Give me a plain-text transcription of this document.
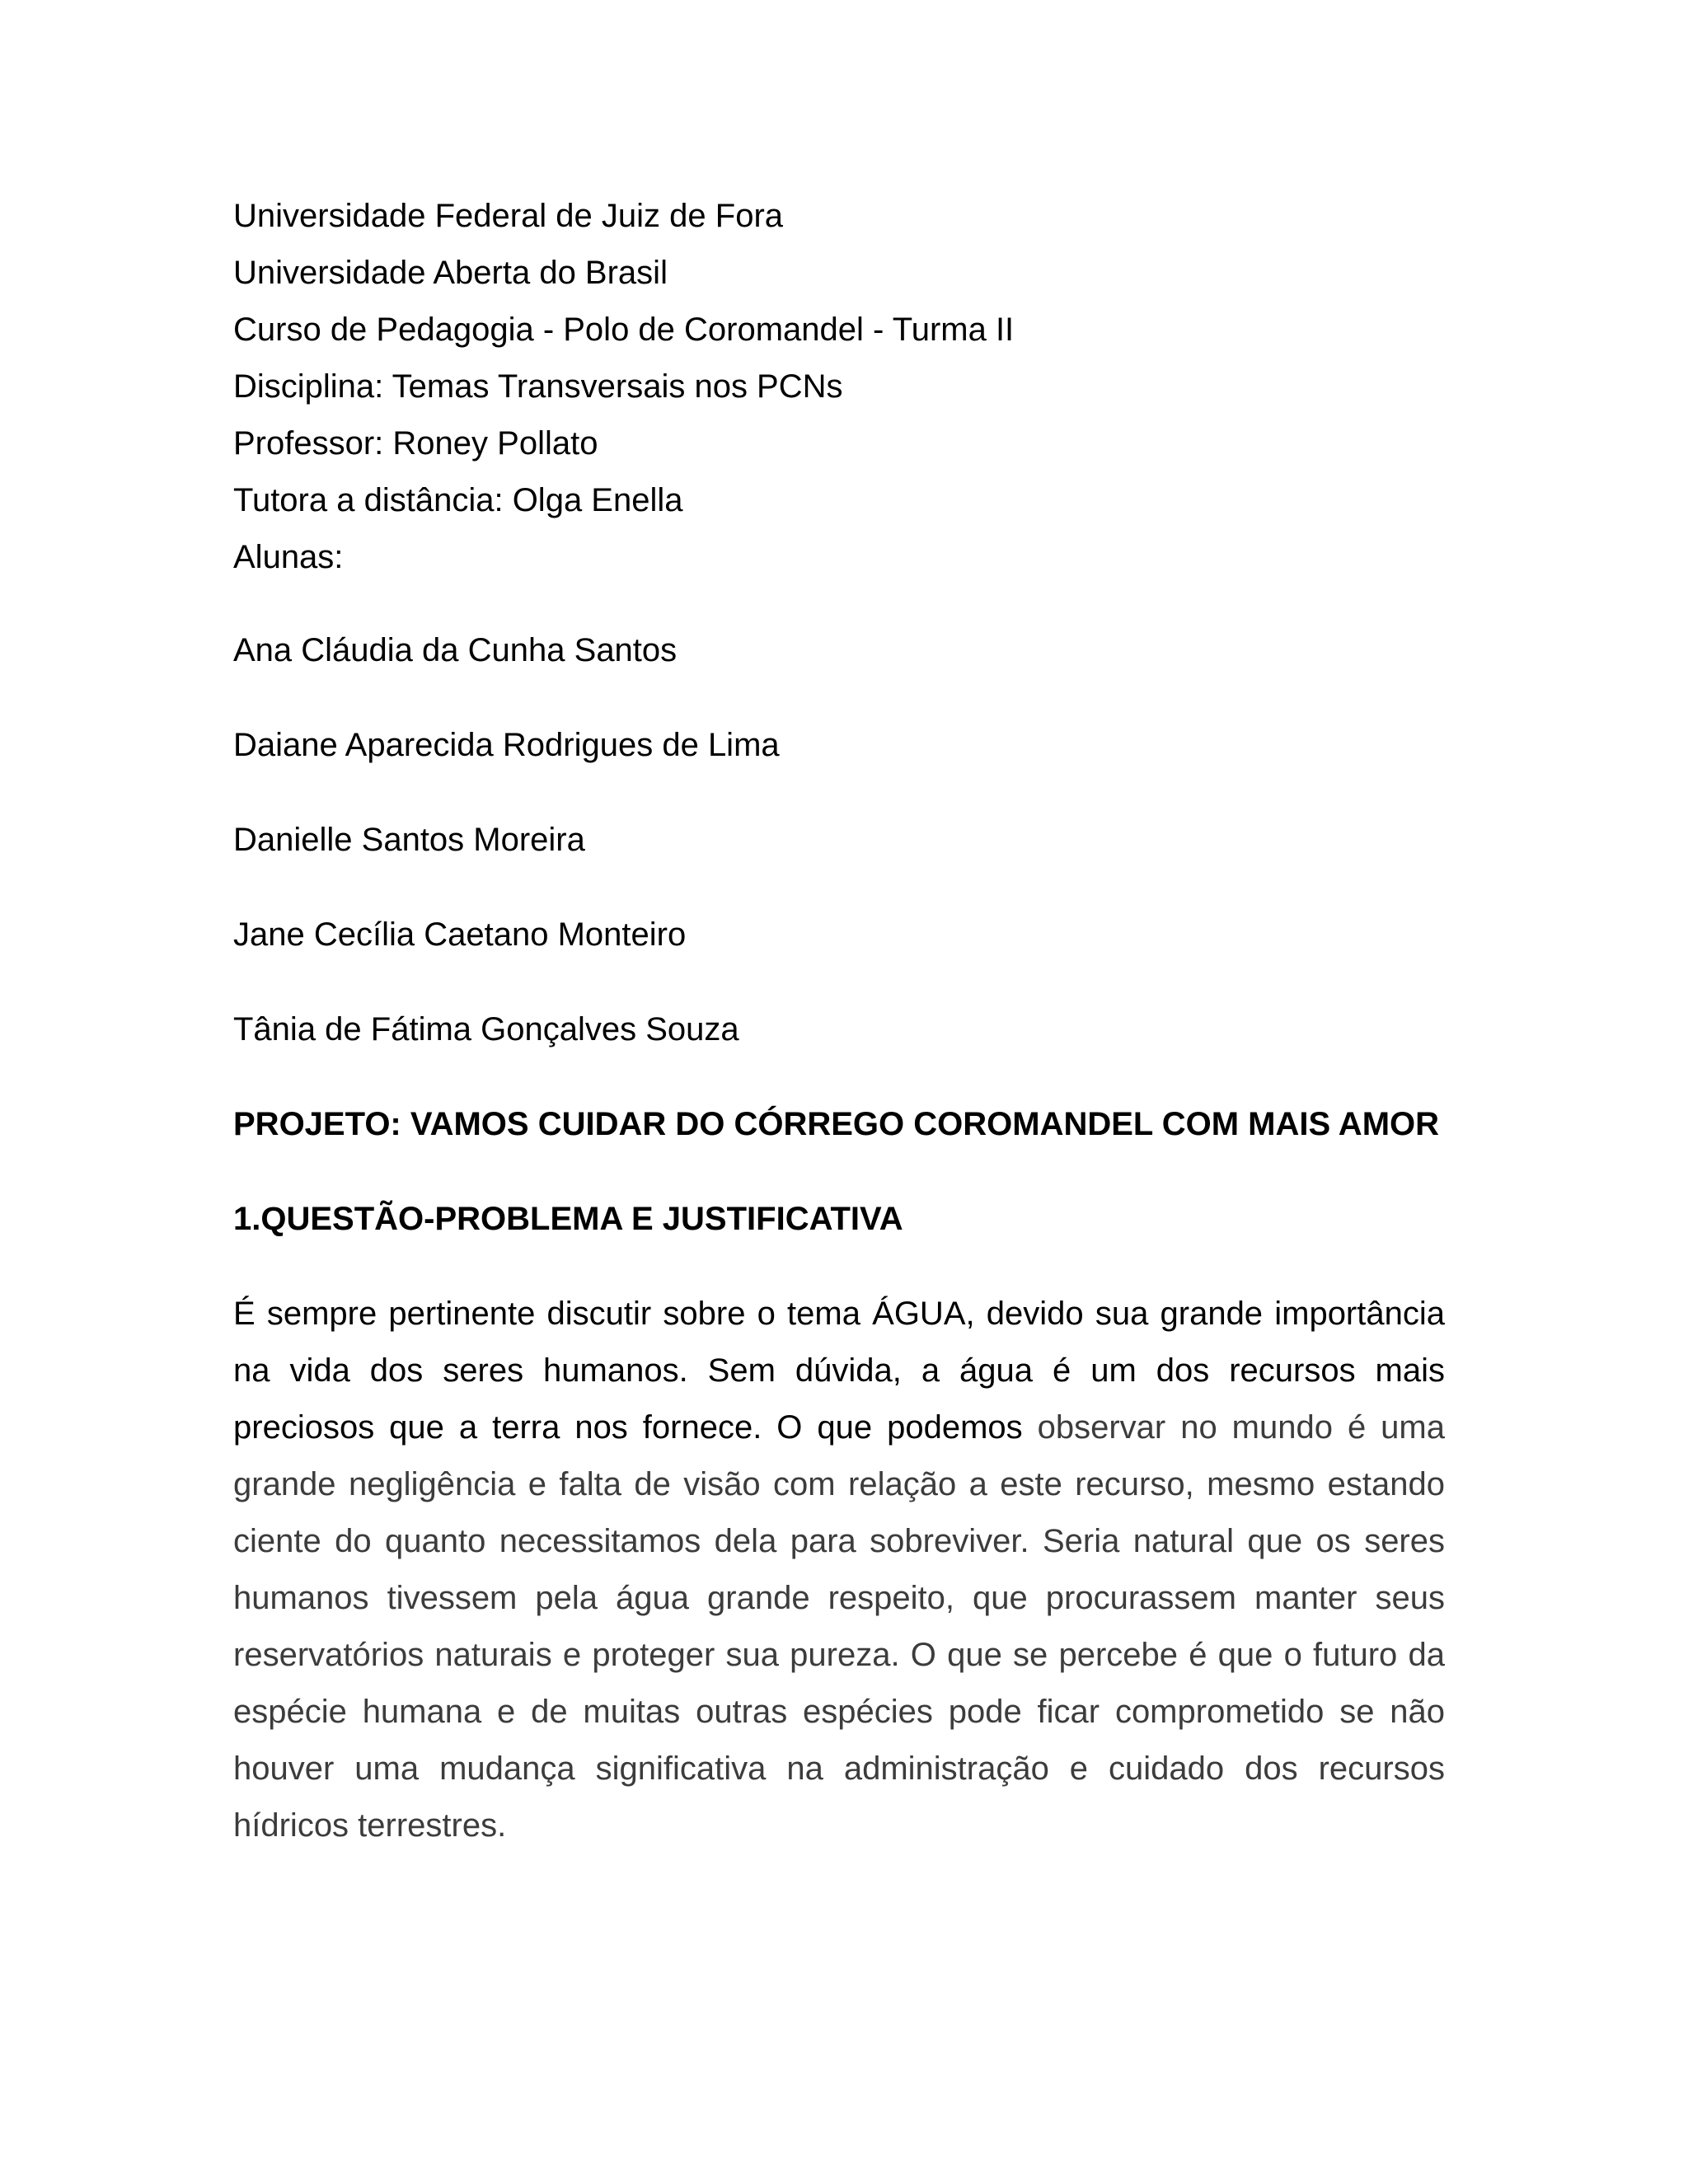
Universidade Federal de Juiz de Fora
Universidade Aberta do Brasil
Curso de Pedagogia - Polo de Coromandel - Turma II
Disciplina: Temas Transversais nos PCNs
Professor: Roney Pollato
Tutora a distância: Olga Enella
Alunas:
Ana Cláudia da Cunha Santos
Daiane Aparecida Rodrigues de Lima
Danielle Santos Moreira
Jane Cecília Caetano Monteiro
Tânia de Fátima Gonçalves Souza
PROJETO: VAMOS CUIDAR DO CÓRREGO COROMANDEL COM MAIS AMOR
1.QUESTÃO-PROBLEMA E JUSTIFICATIVA

É sempre pertinente discutir sobre o tema ÁGUA, devido sua grande importância na vida dos seres humanos. Sem dúvida, a água é um dos recursos mais preciosos que a terra nos fornece. O que podemos observar no mundo é uma grande negligência e falta de visão com relação a este recurso, mesmo estando ciente do quanto necessitamos dela para sobreviver. Seria natural que os seres humanos tivessem pela água grande respeito, que procurassem manter seus reservatórios naturais e proteger sua pureza. O que se percebe é que o futuro da espécie humana e de muitas outras espécies pode ficar comprometido se não houver uma mudança significativa na administração e cuidado dos recursos hídricos terrestres.
